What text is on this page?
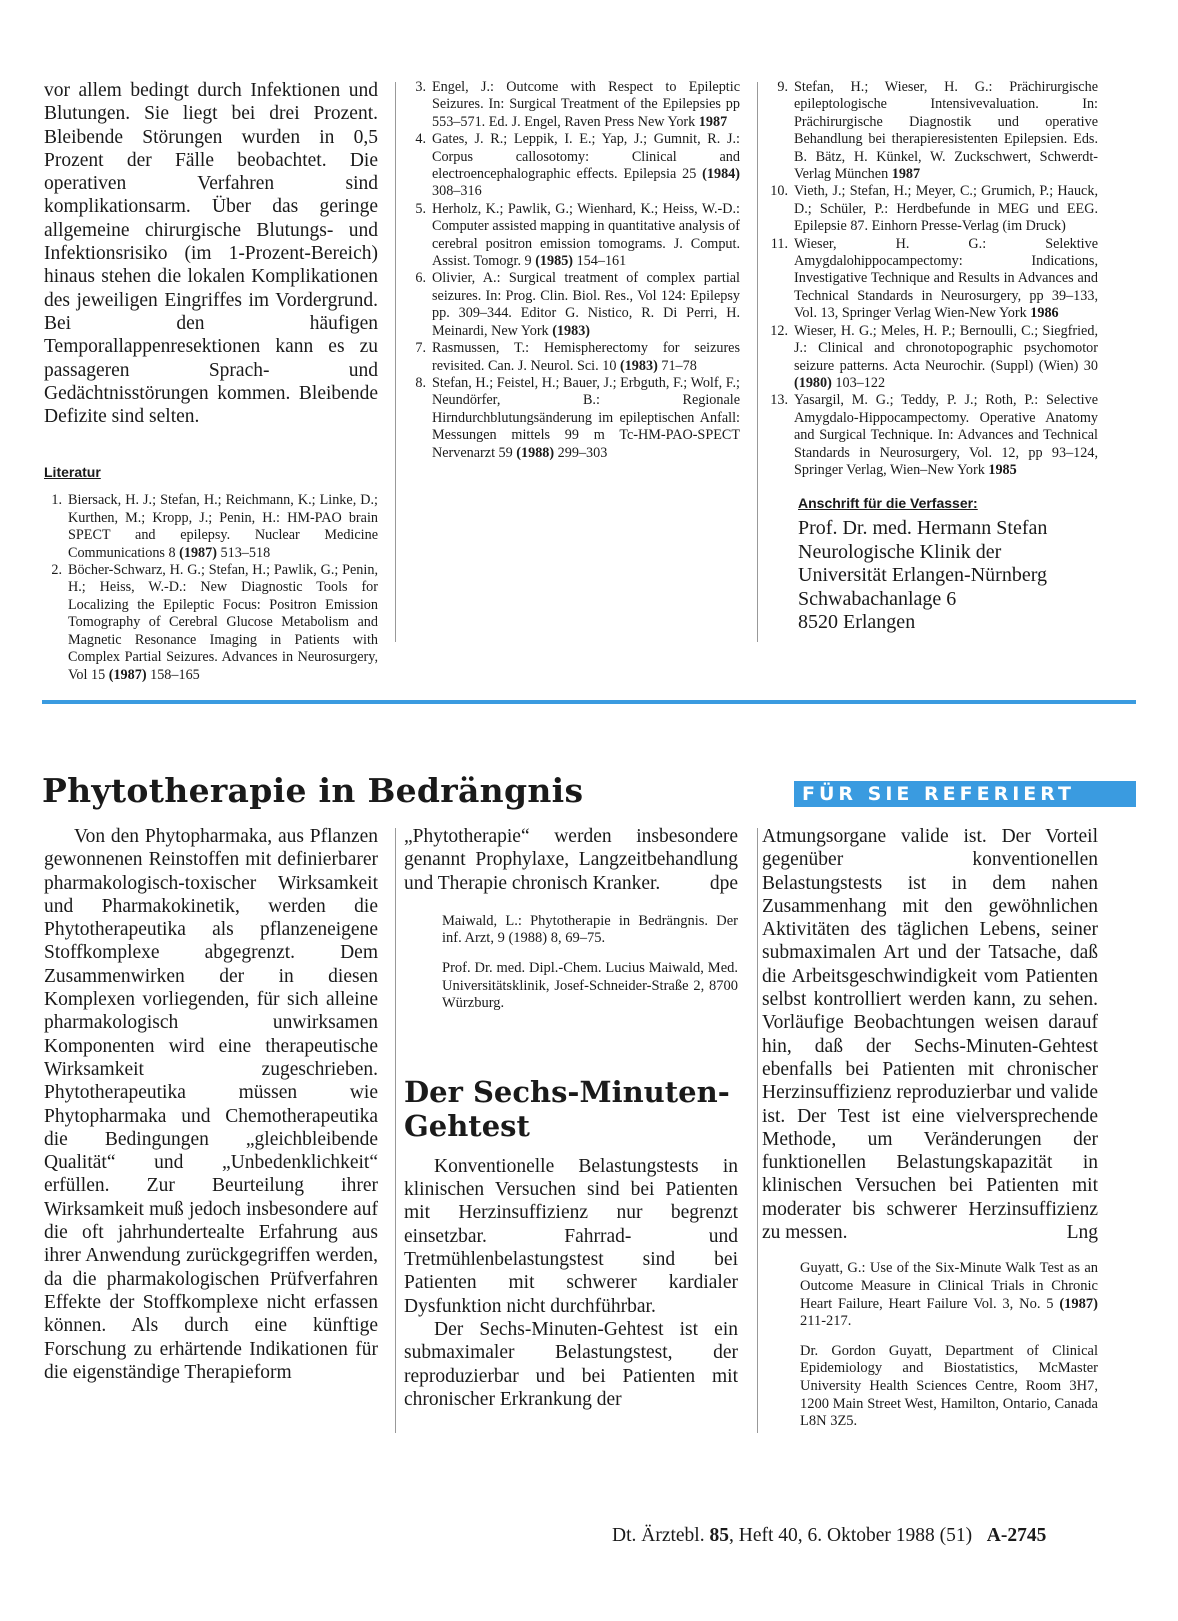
vor allem bedingt durch Infektionen und Blutungen. Sie liegt bei drei Prozent. Bleibende Störungen wurden in 0,5 Prozent der Fälle beobachtet. Die operativen Verfahren sind komplikationsarm. Über das geringe allgemeine chirurgische Blutungs- und Infektionsrisiko (im 1-Prozent-Bereich) hinaus stehen die lokalen Komplikationen des jeweiligen Eingriffes im Vordergrund. Bei den häufigen Temporallappenresektionen kann es zu passageren Sprach- und Gedächtnisstörungen kommen. Bleibende Defizite sind selten.

Literatur

1. Biersack, H. J.; Stefan, H.; Reichmann, K.; Linke, D.; Kurthen, M.; Kropp, J.; Penin, H.: HM-PAO brain SPECT and epilepsy. Nuclear Medicine Communications 8 (1987) 513–518
2. Böcher-Schwarz, H. G.; Stefan, H.; Pawlik, G.; Penin, H.; Heiss, W.-D.: New Diagnostic Tools for Localizing the Epileptic Focus: Positron Emission Tomography of Cerebral Glucose Metabolism and Magnetic Resonance Imaging in Patients with Complex Partial Seizures. Advances in Neurosurgery, Vol 15 (1987) 158–165
3. Engel, J.: Outcome with Respect to Epileptic Seizures. In: Surgical Treatment of the Epilepsies pp 553–571. Ed. J. Engel, Raven Press New York 1987
4. Gates, J. R.; Leppik, I. E.; Yap, J.; Gumnit, R. J.: Corpus callosotomy: Clinical and electroencephalographic effects. Epilepsia 25 (1984) 308–316
5. Herholz, K.; Pawlik, G.; Wienhard, K.; Heiss, W.-D.: Computer assisted mapping in quantitative analysis of cerebral positron emission tomograms. J. Comput. Assist. Tomogr. 9 (1985) 154–161
6. Olivier, A.: Surgical treatment of complex partial seizures. In: Prog. Clin. Biol. Res., Vol 124: Epilepsy pp. 309–344. Editor G. Nistico, R. Di Perri, H. Meinardi, New York (1983)
7. Rasmussen, T.: Hemispherectomy for seizures revisited. Can. J. Neurol. Sci. 10 (1983) 71–78
8. Stefan, H.; Feistel, H.; Bauer, J.; Erbguth, F.; Wolf, F.; Neundörfer, B.: Regionale Hirndurchblutungsänderung im epileptischen Anfall: Messungen mittels 99 m Tc-HM-PAO-SPECT Nervenarzt 59 (1988) 299–303
9. Stefan, H.; Wieser, H. G.: Prächirurgische epileptologische Intensivevaluation. In: Prächirurgische Diagnostik und operative Behandlung bei therapieresistenten Epilepsien. Eds. B. Bätz, H. Künkel, W. Zuckschwert, Schwerdt-Verlag München 1987
10. Vieth, J.; Stefan, H.; Meyer, C.; Grumich, P.; Hauck, D.; Schüler, P.: Herdbefunde in MEG und EEG. Epilepsie 87. Einhorn Presse-Verlag (im Druck)
11. Wieser, H. G.: Selektive Amygdalohippocampectomy: Indications, Investigative Technique and Results in Advances and Technical Standards in Neurosurgery, pp 39–133, Vol. 13, Springer Verlag Wien-New York 1986
12. Wieser, H. G.; Meles, H. P.; Bernoulli, C.; Siegfried, J.: Clinical and chronotopographic psychomotor seizure patterns. Acta Neurochir. (Suppl) (Wien) 30 (1980) 103–122
13. Yasargil, M. G.; Teddy, P. J.; Roth, P.: Selective Amygdalo-Hippocampectomy. Operative Anatomy and Surgical Technique. In: Advances and Technical Standards in Neurosurgery, Vol. 12, pp 93–124, Springer Verlag, Wien–New York 1985

Anschrift für die Verfasser:

Prof. Dr. med. Hermann Stefan
Neurologische Klinik der
Universität Erlangen-Nürnberg
Schwabachanlage 6
8520 Erlangen
Phytotherapie in Bedrängnis	FÜR SIE REFERIERT

Von den Phytopharmaka, aus Pflanzen gewonnenen Reinstoffen mit definierbarer pharmakologisch-toxischer Wirksamkeit und Pharmakokinetik, werden die Phytotherapeutika als pflanzeneigene Stoffkomplexe abgegrenzt. Dem Zusammenwirken der in diesen Komplexen vorliegenden, für sich alleine pharmakologisch unwirksamen Komponenten wird eine therapeutische Wirksamkeit zugeschrieben. Phytotherapeutika müssen wie Phytopharmaka und Chemotherapeutika die Bedingungen „gleichbleibende Qualität“ und „Unbedenklichkeit“ erfüllen. Zur Beurteilung ihrer Wirksamkeit muß jedoch insbesondere auf die oft jahrhundertealte Erfahrung aus ihrer Anwendung zurückgegriffen werden, da die pharmakologischen Prüfverfahren Effekte der Stoffkomplexe nicht erfassen können. Als durch eine künftige Forschung zu erhärtende Indikationen für die eigenständige Therapieform

„Phytotherapie“ werden insbesondere genannt Prophylaxe, Langzeitbehandlung und Therapie chronisch Kranker.	dpe

Maiwald, L.: Phytotherapie in Bedrängnis. Der inf. Arzt, 9 (1988) 8, 69–75.

Prof. Dr. med. Dipl.-Chem. Lucius Maiwald, Med. Universitätsklinik, Josef-Schneider-Straße 2, 8700 Würzburg.

Der Sechs-Minuten-Gehtest

Konventionelle Belastungstests in klinischen Versuchen sind bei Patienten mit Herzinsuffizienz nur begrenzt einsetzbar. Fahrrad- und Tretmühlenbelastungstest sind bei Patienten mit schwerer kardialer Dysfunktion nicht durchführbar.

Der Sechs-Minuten-Gehtest ist ein submaximaler Belastungstest, der reproduzierbar und bei Patienten mit chronischer Erkrankung der

Atmungsorgane valide ist. Der Vorteil gegenüber konventionellen Belastungstests ist in dem nahen Zusammenhang mit den gewöhnlichen Aktivitäten des täglichen Lebens, seiner submaximalen Art und der Tatsache, daß die Arbeitsgeschwindigkeit vom Patienten selbst kontrolliert werden kann, zu sehen. Vorläufige Beobachtungen weisen darauf hin, daß der Sechs-Minuten-Gehtest ebenfalls bei Patienten mit chronischer Herzinsuffizienz reproduzierbar und valide ist. Der Test ist eine vielversprechende Methode, um Veränderungen der funktionellen Belastungskapazität in klinischen Versuchen bei Patienten mit moderater bis schwerer Herzinsuffizienz zu messen.	Lng

Guyatt, G.: Use of the Six-Minute Walk Test as an Outcome Measure in Clinical Trials in Chronic Heart Failure, Heart Failure Vol. 3, No. 5 (1987) 211-217.

Dr. Gordon Guyatt, Department of Clinical Epidemiology and Biostatistics, McMaster University Health Sciences Centre, Room 3H7, 1200 Main Street West, Hamilton, Ontario, Canada L8N 3Z5.

Dt. Ärztebl. 85, Heft 40, 6. Oktober 1988 (51) A-2745
